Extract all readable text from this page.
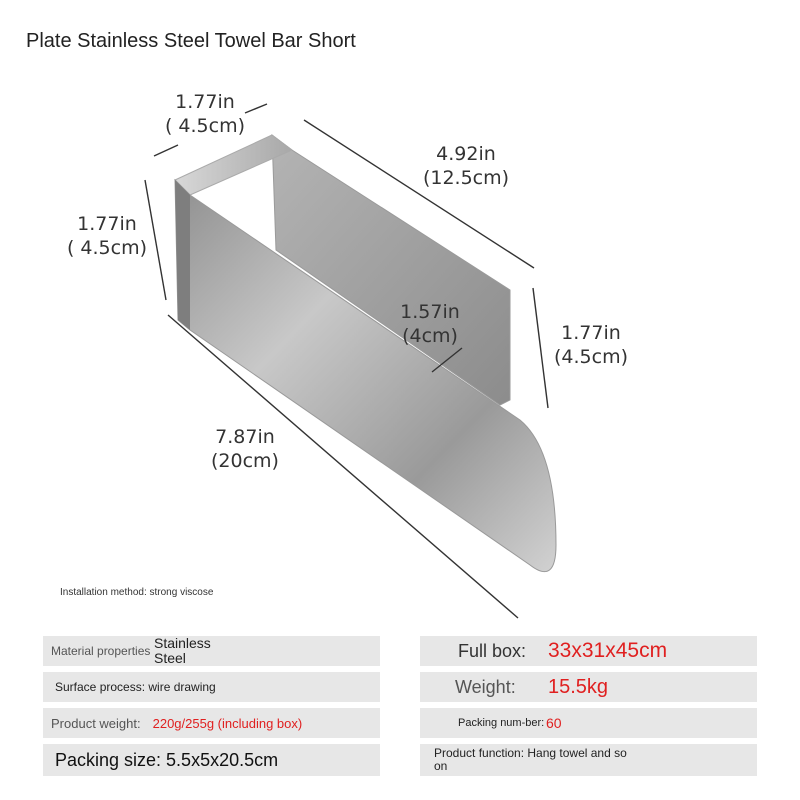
Plate Stainless Steel Towel Bar Short
1.77in
( 4.5cm)
4.92in
(12.5cm)
1.77in
( 4.5cm)
1.57in
(4cm)	1.77in
(4.5cm)
7.87in
(20cm)
Installation method: strong viscose
Material properties Stainless Steel
Surface process: wire drawing
Product weight: 220g/255g (including box)
Packing size: 5.5x5x20.5cm
Full box:	33x31x45cm
Weight:	15.5kg
Packing num-ber: 60
Product function: Hang towel and so on
